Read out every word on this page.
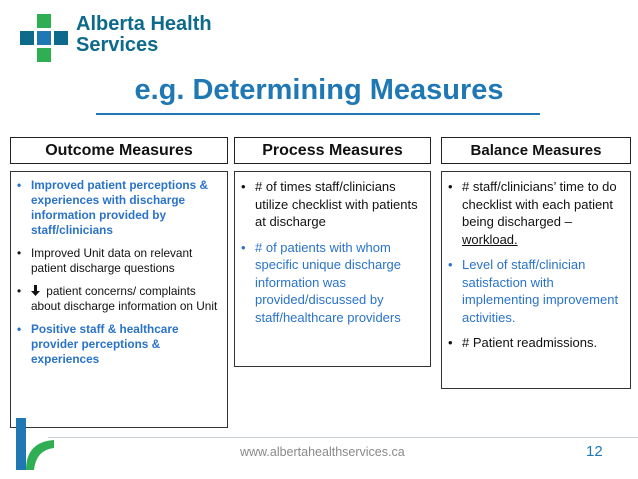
Alberta Health
Services
e.g. Determining Measures
Outcome Measures	Process Measures	Balance Measures
• Improved patient perceptions & experiences with discharge information provided by staff/clinicians
• Improved Unit data on relevant patient discharge questions
• patient concerns/ complaints about discharge information on Unit
• Positive staff & healthcare provider perceptions & experiences
• # of times staff/clinicians utilize checklist with patients at discharge
• # of patients with whom specific unique discharge information was provided/discussed by staff/healthcare providers
• # staff/clinicians’ time to do checklist with each patient being discharged – workload.
• Level of staff/clinician satisfaction with implementing improvement activities.
• # Patient readmissions.
www.albertahealthservices.ca	12
